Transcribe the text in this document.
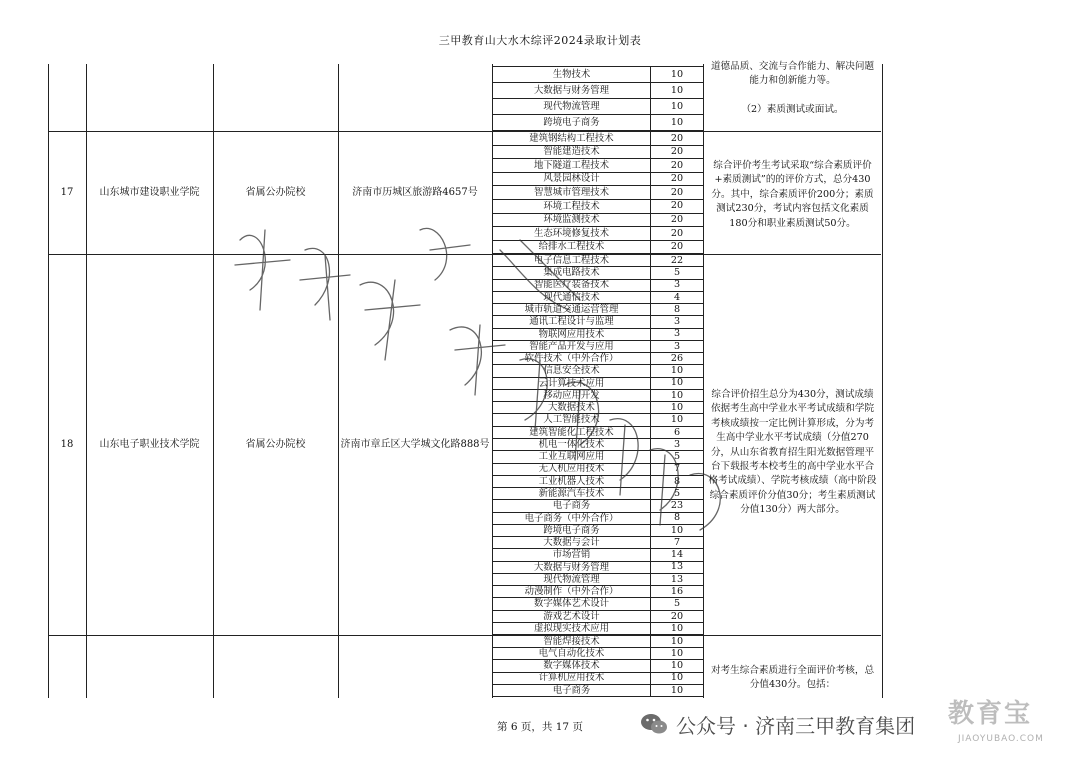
三甲教育山大水木综评2024录取计划表
生物技术	10
大数据与财务管理	10
现代物流管理	10
跨境电子商务	10
道德品质、交流与合作能力、解决问题能力和创新能力等。

（2）素质测试或面试。
17	山东城市建设职业学院	省属公办院校	济南市历城区旅游路4657号
建筑钢结构工程技术	20
智能建造技术	20
地下隧道工程技术	20
风景园林设计	20
智慧城市管理技术	20
环境工程技术	20
环境监测技术	20
生态环境修复技术	20
给排水工程技术	20
综合评价考生考试采取“综合素质评价+素质测试”的的评价方式，总分430分。其中，综合素质评价200分；素质测试230分，考试内容包括文化素质180分和职业素质测试50分。
18	山东电子职业技术学院	省属公办院校	济南市章丘区大学城文化路888号
电子信息工程技术	22
集成电路技术	5
智能医疗装备技术	3
现代通信技术	4
城市轨道交通运营管理	8
通讯工程设计与监理	3
物联网应用技术	3
智能产品开发与应用	3
软件技术（中外合作）	26
信息安全技术	10
云计算技术应用	10
移动应用开发	10
大数据技术	10
人工智能技术	10
建筑智能化工程技术	6
机电一体化技术	3
工业互联网应用	5
无人机应用技术	7
工业机器人技术	8
新能源汽车技术	5
电子商务	23
电子商务（中外合作）	8
跨境电子商务	10
大数据与会计	7
市场营销	14
大数据与财务管理	13
现代物流管理	13
动漫制作（中外合作）	16
数字媒体艺术设计	5
游戏艺术设计	20
虚拟现实技术应用	10
综合评价招生总分为430分，测试成绩依据考生高中学业水平考试成绩和学院考核成绩按一定比例计算形成，分为考生高中学业水平考试成绩（分值270分，从山东省教育招生阳光数据管理平台下载报考本校考生的高中学业水平合格考试成绩）、学院考核成绩（高中阶段综合素质评价分值30分；考生素质测试分值130分）两大部分。
智能焊接技术	10
电气自动化技术	10
数字媒体技术	10
计算机应用技术	10
电子商务	10
对考生综合素质进行全面评价考核，总分值430分。包括：
第 6 页，共 17 页	公众号 · 济南三甲教育集团 教育宝
JIAOYUBAO.COM
